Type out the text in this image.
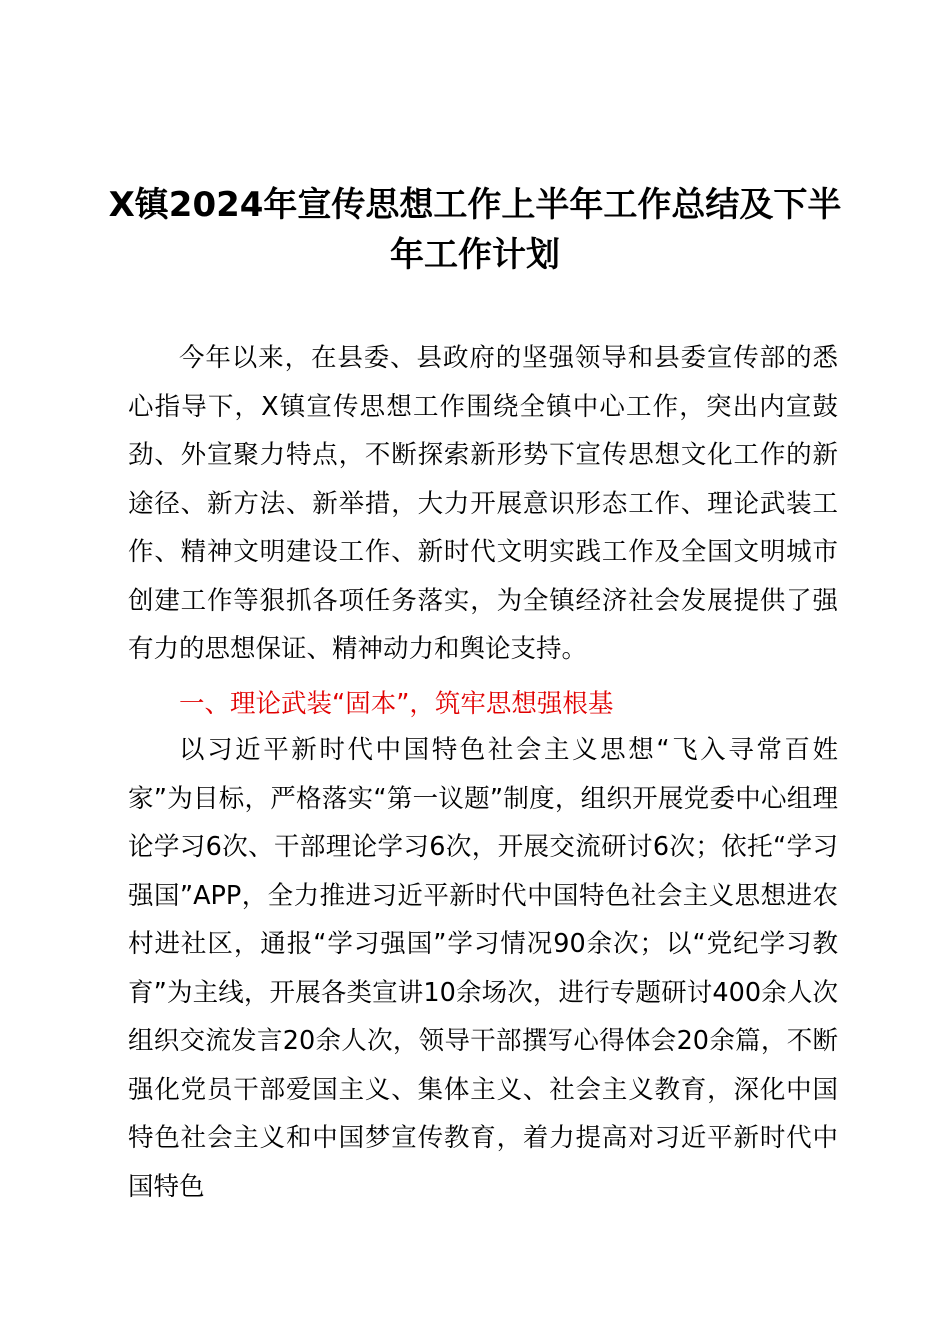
X镇2024年宣传思想工作上半年工作总结及下半年工作计划

今年以来，在县委、县政府的坚强领导和县委宣传部的悉心指导下，X镇宣传思想工作围绕全镇中心工作，突出内宣鼓劲、外宣聚力特点，不断探索新形势下宣传思想文化工作的新途径、新方法、新举措，大力开展意识形态工作、理论武装工作、精神文明建设工作、新时代文明实践工作及全国文明城市创建工作等狠抓各项任务落实，为全镇经济社会发展提供了强有力的思想保证、精神动力和舆论支持。

一、理论武装“固本”，筑牢思想强根基

以习近平新时代中国特色社会主义思想“飞入寻常百姓家”为目标，严格落实“第一议题”制度，组织开展党委中心组理论学习6次、干部理论学习6次，开展交流研讨6次；依托“学习强国”APP，全力推进习近平新时代中国特色社会主义思想进农村进社区，通报“学习强国”学习情况90余次；以“党纪学习教育”为主线，开展各类宣讲10余场次，进行专题研讨400余人次组织交流发言20余人次，领导干部撰写心得体会20余篇，不断强化党员干部爱国主义、集体主义、社会主义教育，深化中国特色社会主义和中国梦宣传教育，着力提高对习近平新时代中国特色
